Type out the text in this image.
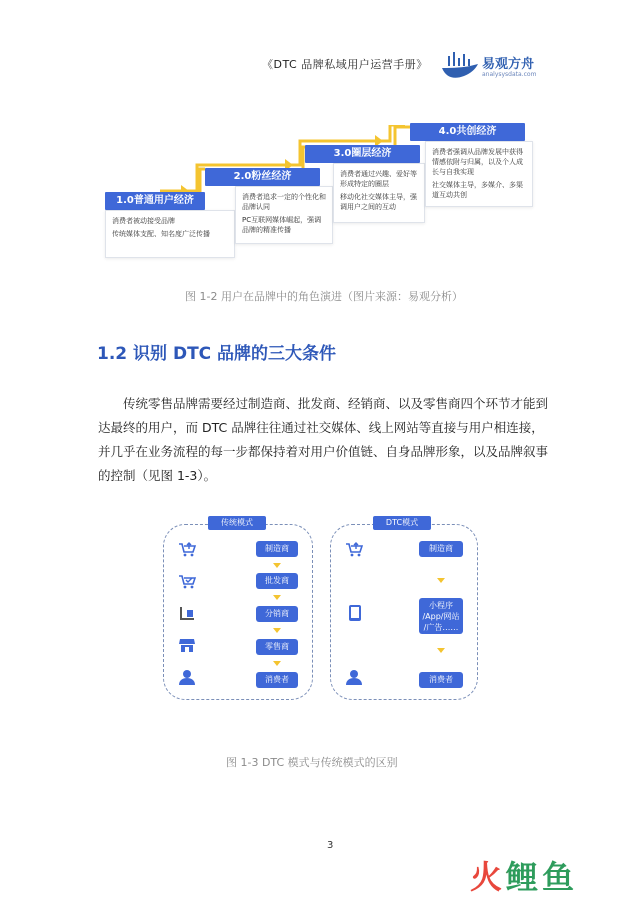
《DTC 品牌私域用户运营手册》	易观方舟
analysysdata.com
1.0普通用户经济
消费者被动接受品牌
传统媒体支配、知名度广泛传播
2.0粉丝经济
消费者追求一定的个性化和品牌认同
PC互联网媒体崛起，强调品牌的精准传播
3.0圈层经济
消费者通过兴趣、爱好等形成特定的圈层
移动化社交媒体主导，强调用户之间的互动
4.0共创经济
消费者强调从品牌发展中获得情感依附与归属，以及个人成长与自我实现
社交媒体主导，多媒介、多渠道互动共创
图 1-2 用户在品牌中的角色演进（图片来源：易观分析）
1.2 识别 DTC 品牌的三大条件
传统零售品牌需要经过制造商、批发商、经销商、以及零售商四个环节才能到达最终的用户，而 DTC 品牌往往通过社交媒体、线上网站等直接与用户相连接，并几乎在业务流程的每一步都保持着对用户价值链、自身品牌形象，以及品牌叙事的控制（见图 1-3）。
传统模式	DTC模式
制造商
批发商
分销商
零售商
消费者
制造商
小程序
/App/网站
/广告……
消费者
图 1-3 DTC 模式与传统模式的区别
3
火鲤鱼
